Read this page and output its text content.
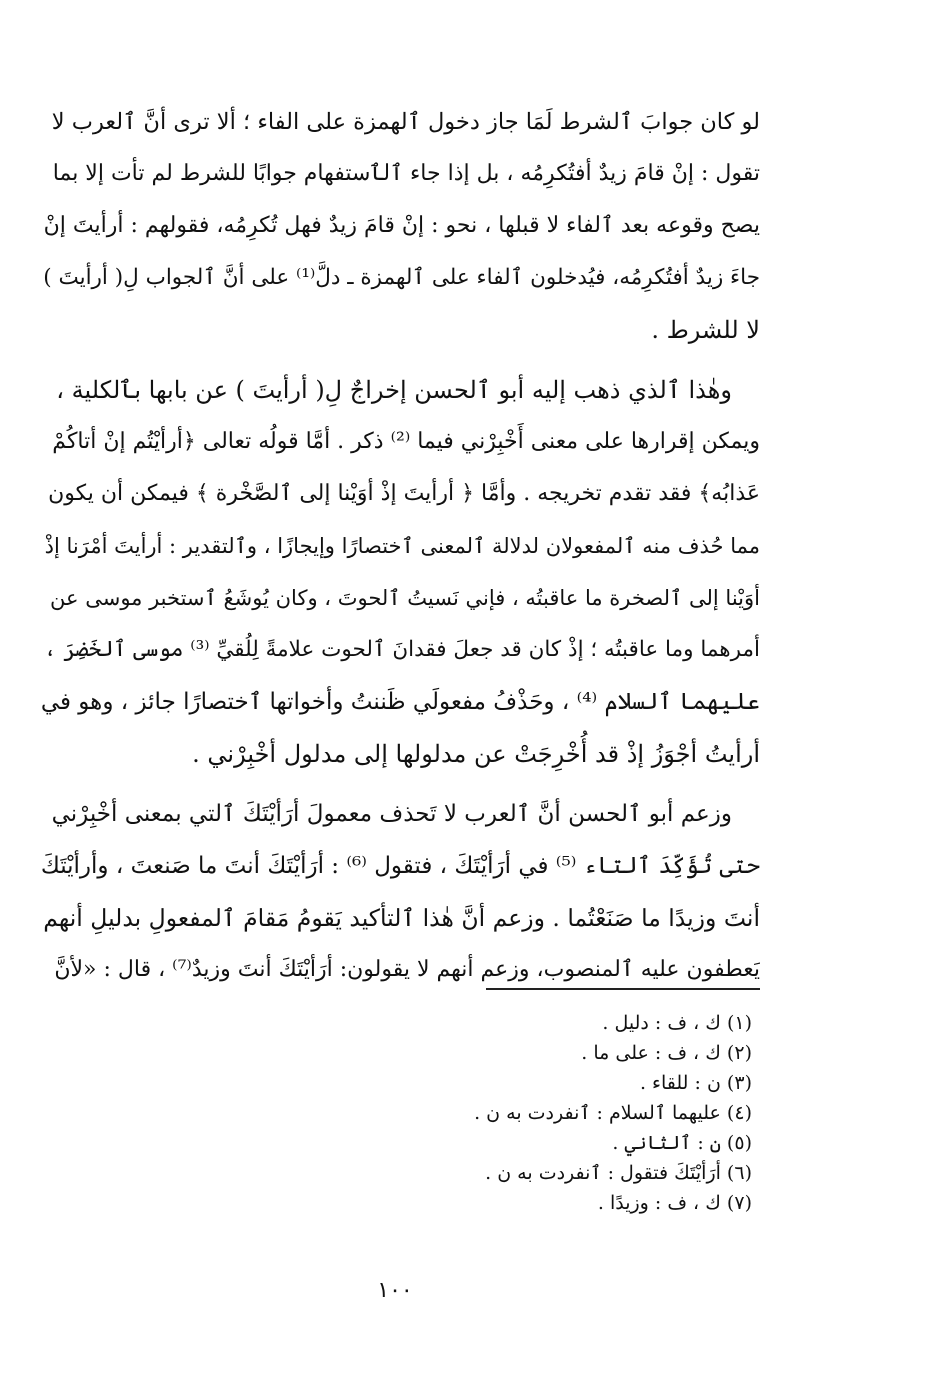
لو كان جوابَ ٱلشرط لَمَا جاز دخول ٱلهمزة على الفاء ؛ ألا ترى أنَّ ٱلعرب لا
تقول : إنْ قامَ زيدٌ أفتُكرِمُه ، بل إذا جاء ٱلٱستفهام جوابًا للشرط لم تأت إلا بما
يصح وقوعه بعد ٱلفاء لا قبلها ، نحو : إنْ قامَ زيدٌ فهل تُكرِمُه، فقولهم : أرأيتَ إنْ
جاءَ زيدٌ أفتُكرِمُه، فيُدخلون ٱلفاء على ٱلهمزة ـ دلَّ⁽¹⁾ على أنَّ ٱلجواب لِ( أرأيتَ )
لا للشرط .
وهٰذا ٱلذي ذهب إليه أبو ٱلحسن إخراجٌ لِ( أرأيتَ ) عن بابها بٱلكلية ،
ويمكن إقرارها على معنى أَخْبِرْني فيما ⁽²⁾ ذكر . أمَّا قولُه تعالى ﴿أرأيْتُم إنْ أتاكُمْ
عَذابُه﴾ فقد تقدم تخريجه . وأمَّا ﴿ أرأيتَ إذْ أوَيْنا إلى ٱلصَّخْرة ﴾ فيمكن أن يكون
مما حُذف منه ٱلمفعولان لدلالة ٱلمعنى ٱختصارًا وإيجازًا ، وٱلتقدير : أرأيتَ أمْرَنا إذْ
أوَيْنا إلى ٱلصخرة ما عاقبتُه ، فإني نَسيتُ ٱلحوتَ ، وكان يُوشَعُ ٱستخبر موسى عن
أمرهما وما عاقبتُه ؛ إذْ كان قد جعلَ فقدانَ ٱلحوت علامةً لِلُقيِّ ⁽³⁾ موسى ٱلخَضِرَ ،
عليهما ٱلسلام ⁽⁴⁾ ، وحَذْفُ مفعولَي ظَننتُ وأخواتها ٱختصارًا جائز ، وهو في
أرأيتُ أجْوَزُ إذْ قد أُخْرِجَتْ عن مدلولها إلى مدلول أخْبِرْني .
وزعم أبو ٱلحسن أنَّ ٱلعرب لا تَحذف معمولَ أرَأيْتَكَ ٱلتي بمعنى أخْبِرْني
حتى تُؤَكِّدَ ٱلتاء ⁽⁵⁾ في أرَأيْتَكَ ، فتقول ⁽⁶⁾ : أرَأيْتَكَ أنتَ ما صَنعتَ ، وأرأيْتَكَ
أنتَ وزيدًا ما صَنَعْتُما . وزعم أنَّ هٰذا ٱلتأكيد يَقومُ مَقامَ ٱلمفعولِ بدليلِ أنهم
يَعطفون عليه ٱلمنصوب، وزعم أنهم لا يقولون: أرَأيْتَكَ أنتَ وزيدٌ⁽⁷⁾ ، قال : «لأنَّ
(١) ك ، ف : دليل .
(٢) ك ، ف : على ما .
(٣) ن : للقاء .
(٤) عليهما ٱلسلام : ٱنفردت به ن .
(٥) ن : ٱلثاني .
(٦) أرَأيْتَكَ فتقول : ٱنفردت به ن .
(٧) ك ، ف : وزيدًا .
١٠٠
